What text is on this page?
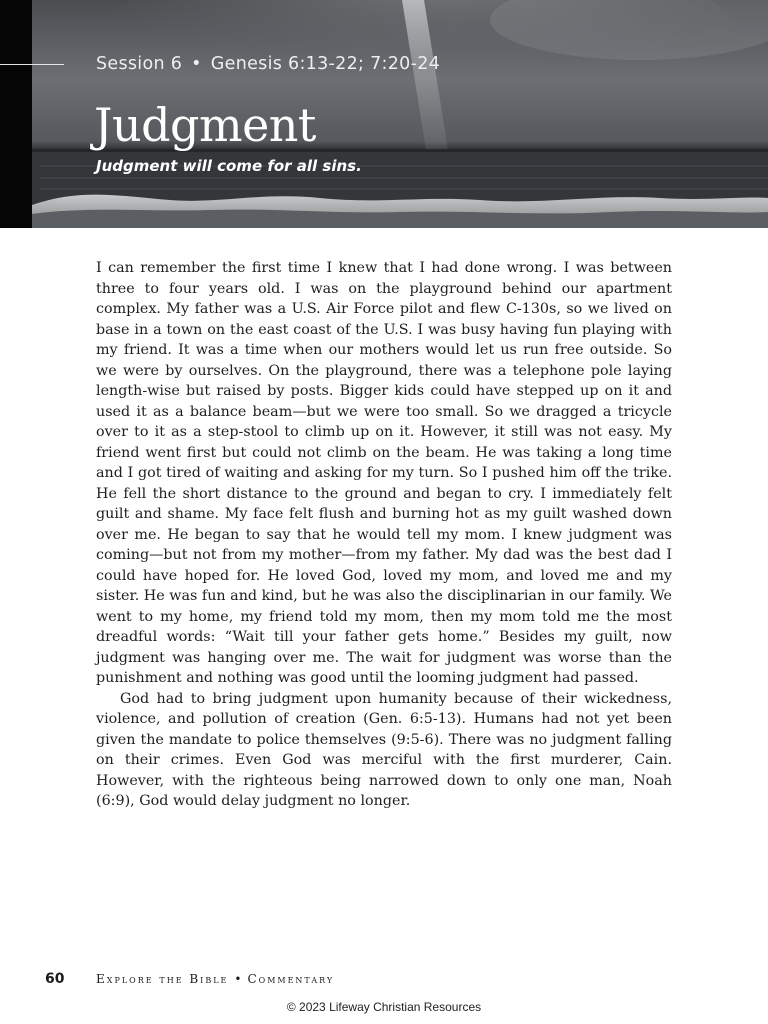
Session 6 • Genesis 6:13-22; 7:20-24
Judgment
Judgment will come for all sins.

I can remember the first time I knew that I had done wrong. I was between three to four years old. I was on the playground behind our apartment complex. My father was a U.S. Air Force pilot and flew C-130s, so we lived on base in a town on the east coast of the U.S. I was busy having fun playing with my friend. It was a time when our mothers would let us run free outside. So we were by ourselves. On the playground, there was a telephone pole laying length-wise but raised by posts. Bigger kids could have stepped up on it and used it as a balance beam—but we were too small. So we dragged a tricycle over to it as a step-stool to climb up on it. However, it still was not easy. My friend went first but could not climb on the beam. He was taking a long time and I got tired of waiting and asking for my turn. So I pushed him off the trike. He fell the short distance to the ground and began to cry. I immediately felt guilt and shame. My face felt flush and burning hot as my guilt washed down over me. He began to say that he would tell my mom. I knew judgment was coming—but not from my mother—from my father. My dad was the best dad I could have hoped for. He loved God, loved my mom, and loved me and my sister. He was fun and kind, but he was also the disciplinarian in our family. We went to my home, my friend told my mom, then my mom told me the most dreadful words: “Wait till your father gets home.” Besides my guilt, now judgment was hanging over me. The wait for judgment was worse than the punishment and nothing was good until the looming judgment had passed.

God had to bring judgment upon humanity because of their wickedness, violence, and pollution of creation (Gen. 6:5-13). Humans had not yet been given the mandate to police themselves (9:5-6). There was no judgment falling on their crimes. Even God was merciful with the first murderer, Cain. However, with the righteous being narrowed down to only one man, Noah (6:9), God would delay judgment no longer.

60	Explore the Bible • Commentary
© 2023 Lifeway Christian Resources
